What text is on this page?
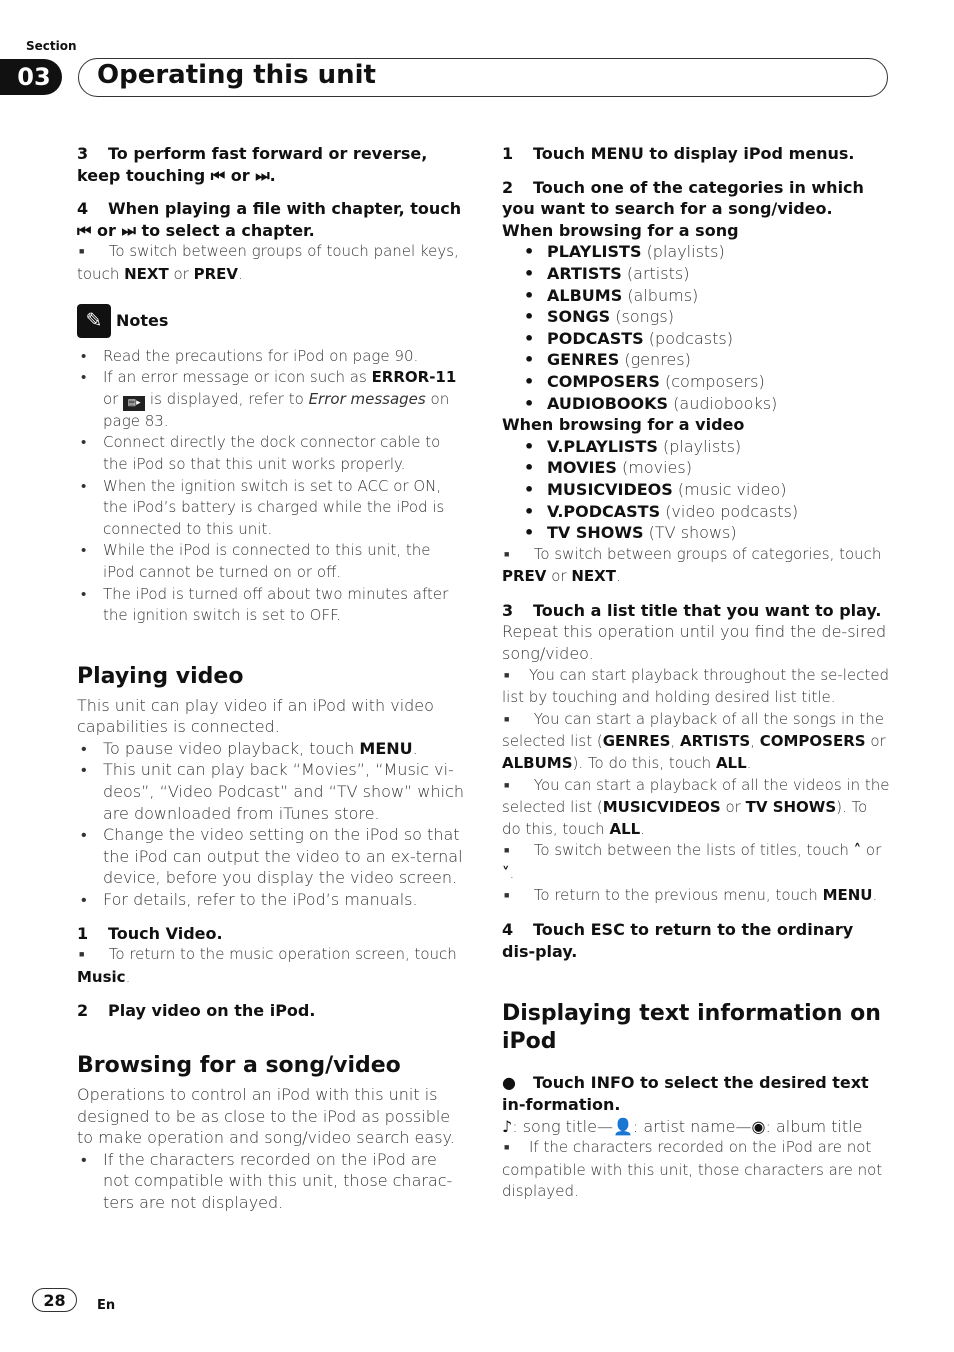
Section
03	Operating this unit
3 To perform fast forward or reverse, keep touching ⏮ or ⏭.
4 When playing a file with chapter, touch ⏮ or ⏭ to select a chapter.
■ To switch between groups of touch panel keys, touch NEXT or PREV.
✎ Notes
• Read the precautions for iPod on page 90.
• If an error message or icon such as ERROR-11 or ▤▸ is displayed, refer to Error messages on page 83.
• Connect directly the dock connector cable to the iPod so that this unit works properly.
• When the ignition switch is set to ACC or ON, the iPod’s battery is charged while the iPod is connected to this unit.
• While the iPod is connected to this unit, the iPod cannot be turned on or off.
• The iPod is turned off about two minutes after the ignition switch is set to OFF.
Playing video
This unit can play video if an iPod with video capabilities is connected.
• To pause video playback, touch MENU.
• This unit can play back “Movies”, “Music vi-deos”, “Video Podcast” and “TV show” which are downloaded from iTunes store.
• Change the video setting on the iPod so that the iPod can output the video to an ex-ternal device, before you display the video screen.
• For details, refer to the iPod’s manuals.
1 Touch Video.
■ To return to the music operation screen, touch Music.
2 Play video on the iPod.
Browsing for a song/video
Operations to control an iPod with this unit is designed to be as close to the iPod as possible to make operation and song/video search easy.
• If the characters recorded on the iPod are not compatible with this unit, those charac-ters are not displayed.
1 Touch MENU to display iPod menus.
2 Touch one of the categories in which you want to search for a song/video.
When browsing for a song
• PLAYLISTS (playlists)
• ARTISTS (artists)
• ALBUMS (albums)
• SONGS (songs)
• PODCASTS (podcasts)
• GENRES (genres)
• COMPOSERS (composers)
• AUDIOBOOKS (audiobooks)
When browsing for a video
• V.PLAYLISTS (playlists)
• MOVIES (movies)
• MUSICVIDEOS (music video)
• V.PODCASTS (video podcasts)
• TV SHOWS (TV shows)
■ To switch between groups of categories, touch PREV or NEXT.
3 Touch a list title that you want to play.
Repeat this operation until you find the de-sired song/video.
■ You can start playback throughout the se-lected list by touching and holding desired list title.
■ You can start a playback of all the songs in the selected list (GENRES, ARTISTS, COMPOSERS or ALBUMS). To do this, touch ALL.
■ You can start a playback of all the videos in the selected list (MUSICVIDEOS or TV SHOWS). To do this, touch ALL.
■ To switch between the lists of titles, touch ˄ or ˅.
■ To return to the previous menu, touch MENU.
4 Touch ESC to return to the ordinary dis-play.
Displaying text information on iPod
● Touch INFO to select the desired text in-formation.
♪: song title—👤: artist name—◉: album title
■ If the characters recorded on the iPod are not compatible with this unit, those characters are not displayed.
28	En
